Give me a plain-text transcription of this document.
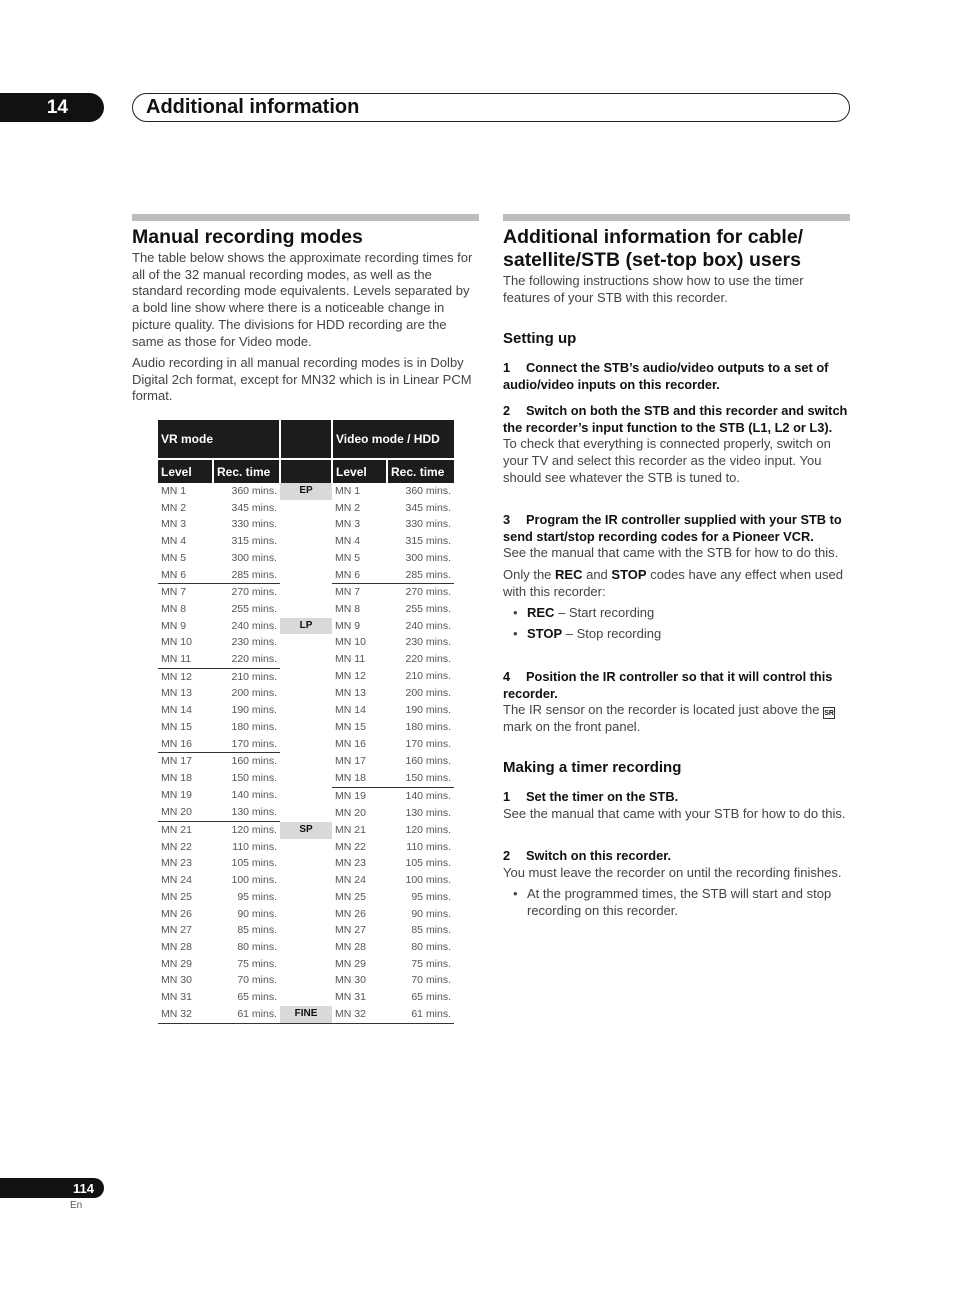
14	Additional information
Manual recording modes

The table below shows the approximate recording times for all of the 32 manual recording modes, as well as the standard recording mode equivalents. Levels separated by a bold line show where there is a noticeable change in picture quality. The divisions for HDD recording are the same as those for Video mode.

Audio recording in all manual recording modes is in Dolby Digital 2ch format, except for MN32 which is in Linear PCM format.

VR mode			Video mode / HDD	
Level	Rec. time		Level	Rec. time
MN 1	360 mins.	EP	MN 1	360 mins.
MN 2	345 mins.		MN 2	345 mins.
MN 3	330 mins.		MN 3	330 mins.
MN 4	315 mins.		MN 4	315 mins.
MN 5	300 mins.		MN 5	300 mins.
MN 6	285 mins.		MN 6	285 mins.
MN 7	270 mins.		MN 7	270 mins.
MN 8	255 mins.		MN 8	255 mins.
MN 9	240 mins.	LP	MN 9	240 mins.
MN 10	230 mins.		MN 10	230 mins.
MN 11	220 mins.		MN 11	220 mins.
MN 12	210 mins.		MN 12	210 mins.
MN 13	200 mins.		MN 13	200 mins.
MN 14	190 mins.		MN 14	190 mins.
MN 15	180 mins.		MN 15	180 mins.
MN 16	170 mins.		MN 16	170 mins.
MN 17	160 mins.		MN 17	160 mins.
MN 18	150 mins.		MN 18	150 mins.
MN 19	140 mins.		MN 19	140 mins.
MN 20	130 mins.		MN 20	130 mins.
MN 21	120 mins.	SP	MN 21	120 mins.
MN 22	110 mins.		MN 22	110 mins.
MN 23	105 mins.		MN 23	105 mins.
MN 24	100 mins.		MN 24	100 mins.
MN 25	95 mins.		MN 25	95 mins.
MN 26	90 mins.		MN 26	90 mins.
MN 27	85 mins.		MN 27	85 mins.
MN 28	80 mins.		MN 28	80 mins.
MN 29	75 mins.		MN 29	75 mins.
MN 30	70 mins.		MN 30	70 mins.
MN 31	65 mins.		MN 31	65 mins.
MN 32	61 mins.	FINE	MN 32	61 mins.
Additional information for cable/
satellite/STB (set-top box) users

The following instructions show how to use the timer features of your STB with this recorder.

Setting up

1 Connect the STB’s audio/video outputs to a set of audio/video inputs on this recorder.

2 Switch on both the STB and this recorder and switch the recorder’s input function to the STB (L1, L2 or L3).

To check that everything is connected properly, switch on your TV and select this recorder as the video input. You should see whatever the STB is tuned to.

3 Program the IR controller supplied with your STB to send start/stop recording codes for a Pioneer VCR.

See the manual that came with the STB for how to do this.

Only the REC and STOP codes have any effect when used with this recorder:

• REC – Start recording

• STOP – Stop recording

4 Position the IR controller so that it will control this recorder.

The IR sensor on the recorder is located just above the SR
mark on the front panel.

Making a timer recording

1 Set the timer on the STB.

See the manual that came with your STB for how to do this.

2 Switch on this recorder.

You must leave the recorder on until the recording finishes.

• At the programmed times, the STB will start and stop recording on this recorder.

114
En
